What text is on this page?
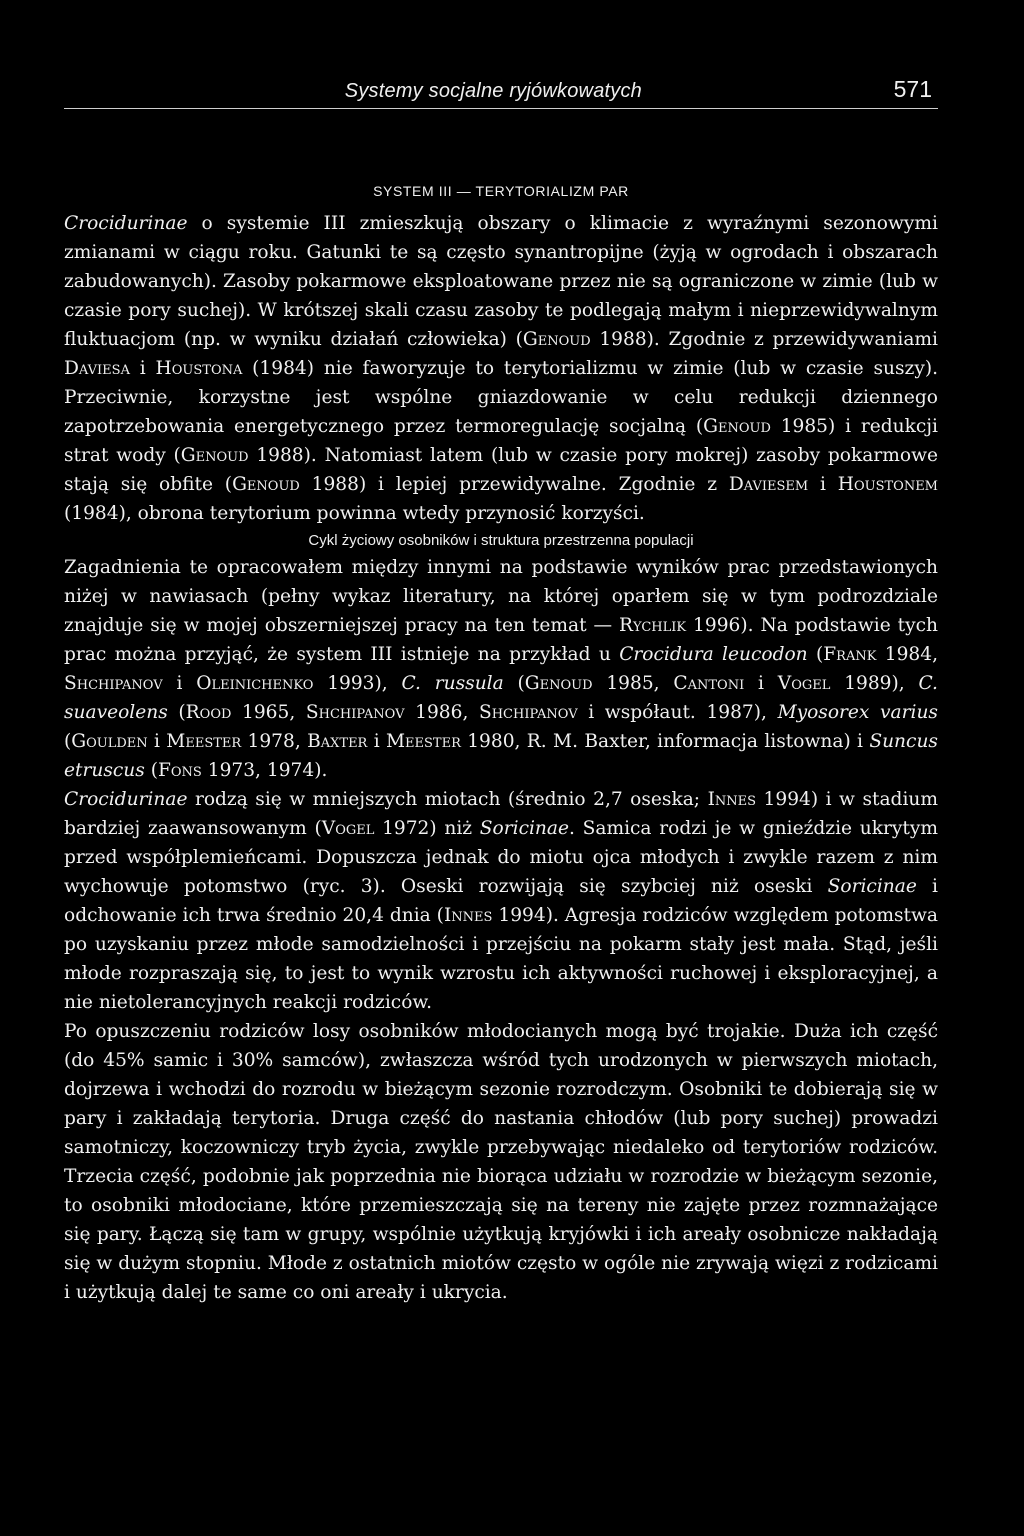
Systemy socjalne ryjówkowatych	571
SYSTEM III — TERYTORIALIZM PAR

Crocidurinae o systemie III zmieszkują obszary o klimacie z wyraźnymi sezonowymi zmianami w ciągu roku. Gatunki te są często synantropijne (żyją w ogrodach i obszarach zabudowanych). Zasoby pokarmowe eksploatowane przez nie są ograniczone w zimie (lub w czasie pory suchej). W krótszej skali czasu zasoby te podlegają małym i nieprzewidywalnym fluktuacjom (np. w wyniku działań człowieka) (Genoud 1988). Zgodnie z przewidywaniami Daviesa i Houstona (1984) nie faworyzuje to terytorializmu w zimie (lub w czasie suszy). Przeciwnie, korzystne jest wspólne gniazdowanie w celu redukcji dziennego zapotrzebowania energetycznego przez termoregulację socjalną (Genoud 1985) i redukcji strat wody (Genoud 1988). Natomiast latem (lub w czasie pory mokrej) zasoby pokarmowe stają się obfite (Genoud 1988) i lepiej przewidywalne. Zgodnie z Daviesem i Houstonem (1984), obrona terytorium powinna wtedy przynosić korzyści.

Cykl życiowy osobników i struktura przestrzenna populacji

Zagadnienia te opracowałem między innymi na podstawie wyników prac przedstawionych niżej w nawiasach (pełny wykaz literatury, na której oparłem się w tym podrozdziale znajduje się w mojej obszerniejszej pracy na ten temat — Rychlik 1996). Na podstawie tych prac można przyjąć, że system III istnieje na przykład u Crocidura leucodon (Frank 1984, Shchipanov i Oleinichenko 1993), C. russula (Genoud 1985, Cantoni i Vogel 1989), C. suaveolens (Rood 1965, Shchipanov 1986, Shchipanov i współaut. 1987), Myosorex varius (Goulden i Meester 1978, Baxter i Meester 1980, R. M. Baxter, informacja listowna) i Suncus etruscus (Fons 1973, 1974).

Crocidurinae rodzą się w mniejszych miotach (średnio 2,7 oseska; Innes 1994) i w stadium bardziej zaawansowanym (Vogel 1972) niż Soricinae. Samica rodzi je w gnieździe ukrytym przed współplemieńcami. Dopuszcza jednak do miotu ojca młodych i zwykle razem z nim wychowuje potomstwo (ryc. 3). Oseski rozwijają się szybciej niż oseski Soricinae i odchowanie ich trwa średnio 20,4 dnia (Innes 1994). Agresja rodziców względem potomstwa po uzyskaniu przez młode samodzielności i przejściu na pokarm stały jest mała. Stąd, jeśli młode rozpraszają się, to jest to wynik wzrostu ich aktywności ruchowej i eksploracyjnej, a nie nietolerancyjnych reakcji rodziców.

Po opuszczeniu rodziców losy osobników młodocianych mogą być trojakie. Duża ich część (do 45% samic i 30% samców), zwłaszcza wśród tych urodzonych w pierwszych miotach, dojrzewa i wchodzi do rozrodu w bieżącym sezonie rozrodczym. Osobniki te dobierają się w pary i zakładają terytoria. Druga część do nastania chłodów (lub pory suchej) prowadzi samotniczy, koczowniczy tryb życia, zwykle przebywając niedaleko od terytoriów rodziców. Trzecia część, podobnie jak poprzednia nie biorąca udziału w rozrodzie w bieżącym sezonie, to osobniki młodociane, które przemieszczają się na tereny nie zajęte przez rozmnażające się pary. Łączą się tam w grupy, wspólnie użytkują kryjówki i ich areały osobnicze nakładają się w dużym stopniu. Młode z ostatnich miotów często w ogóle nie zrywają więzi z rodzicami i użytkują dalej te same co oni areały i ukrycia.
